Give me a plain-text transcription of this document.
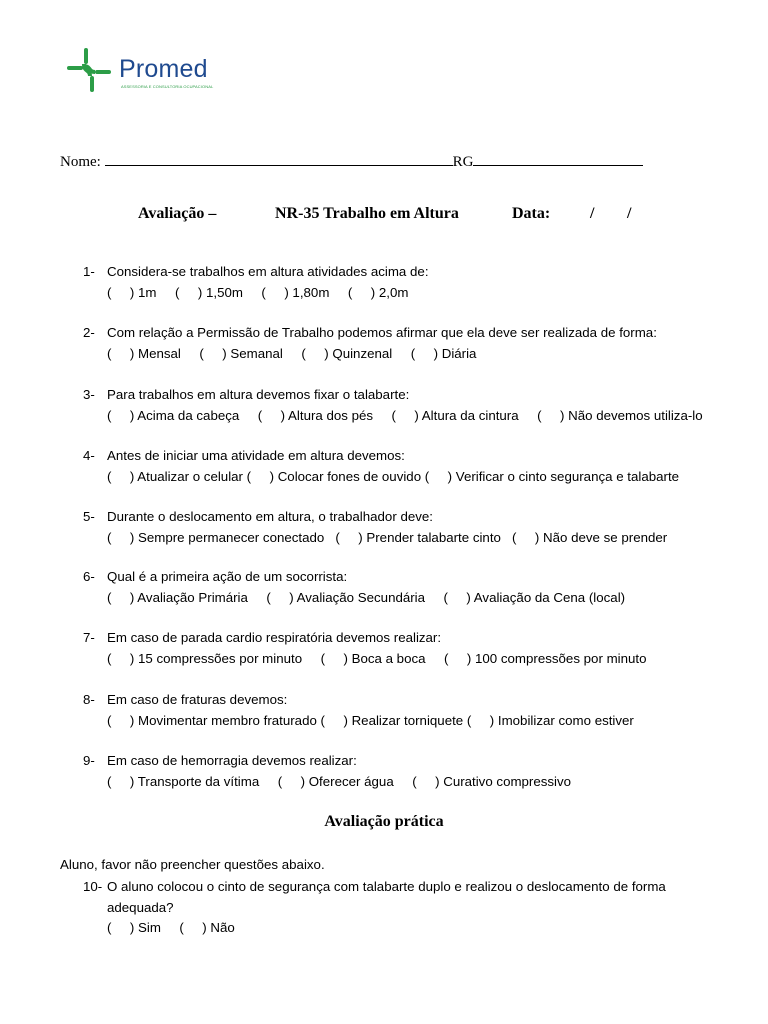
Promed
ASSESSORIA E CONSULTORIA OCUPACIONAL
Nome:	RG
Avaliação –	NR-35 Trabalho em Altura	Data: / /
1- Considera-se trabalhos em altura atividades acima de:
(     ) 1m     (     ) 1,50m     (     ) 1,80m     (     ) 2,0m
2- Com relação a Permissão de Trabalho podemos afirmar que ela deve ser realizada de forma:
(     ) Mensal     (     ) Semanal     (     ) Quinzenal     (     ) Diária
3- Para trabalhos em altura devemos fixar o talabarte:
(     ) Acima da cabeça     (     ) Altura dos pés     (     ) Altura da cintura     (     ) Não devemos utiliza-lo
4- Antes de iniciar uma atividade em altura devemos:
(     ) Atualizar o celular (     ) Colocar fones de ouvido (     ) Verificar o cinto segurança e talabarte
5- Durante o deslocamento em altura, o trabalhador deve:
(     ) Sempre permanecer conectado   (     ) Prender talabarte cinto   (     ) Não deve se prender
6- Qual é a primeira ação de um socorrista:
(     ) Avaliação Primária     (     ) Avaliação Secundária     (     ) Avaliação da Cena (local)
7- Em caso de parada cardio respiratória devemos realizar:
(     ) 15 compressões por minuto     (     ) Boca a boca     (     ) 100 compressões por minuto
8- Em caso de fraturas devemos:
(     ) Movimentar membro fraturado (     ) Realizar torniquete (     ) Imobilizar como estiver
9- Em caso de hemorragia devemos realizar:
(     ) Transporte da vítima     (     ) Oferecer água     (     ) Curativo compressivo
Avaliação prática
Aluno, favor não preencher questões abaixo.
10- O aluno colocou o cinto de segurança com talabarte duplo e realizou o deslocamento de forma
adequada?
(     ) Sim     (     ) Não
